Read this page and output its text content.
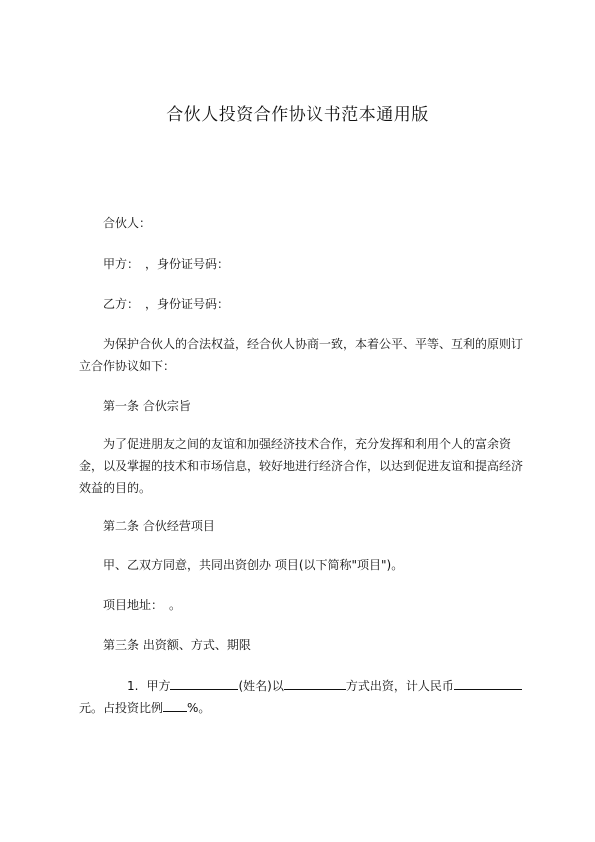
合伙人投资合作协议书范本通用版
合伙人：
甲方：　，身份证号码：
乙方：　，身份证号码：
为保护合伙人的合法权益，经合伙人协商一致，本着公平、平等、互利的原则订立合作协议如下：
第一条 合伙宗旨
为了促进朋友之间的友谊和加强经济技术合作，充分发挥和利用个人的富余资金，以及掌握的技术和市场信息，较好地进行经济合作，以达到促进友谊和提高经济效益的目的。
第二条 合伙经营项目
甲、乙双方同意，共同出资创办 项目(以下简称"项目")。
项目地址：　。
第三条 出资额、方式、期限
1. 甲方	(姓名)以	方式出资，计人民币元。占投资比例 %。
